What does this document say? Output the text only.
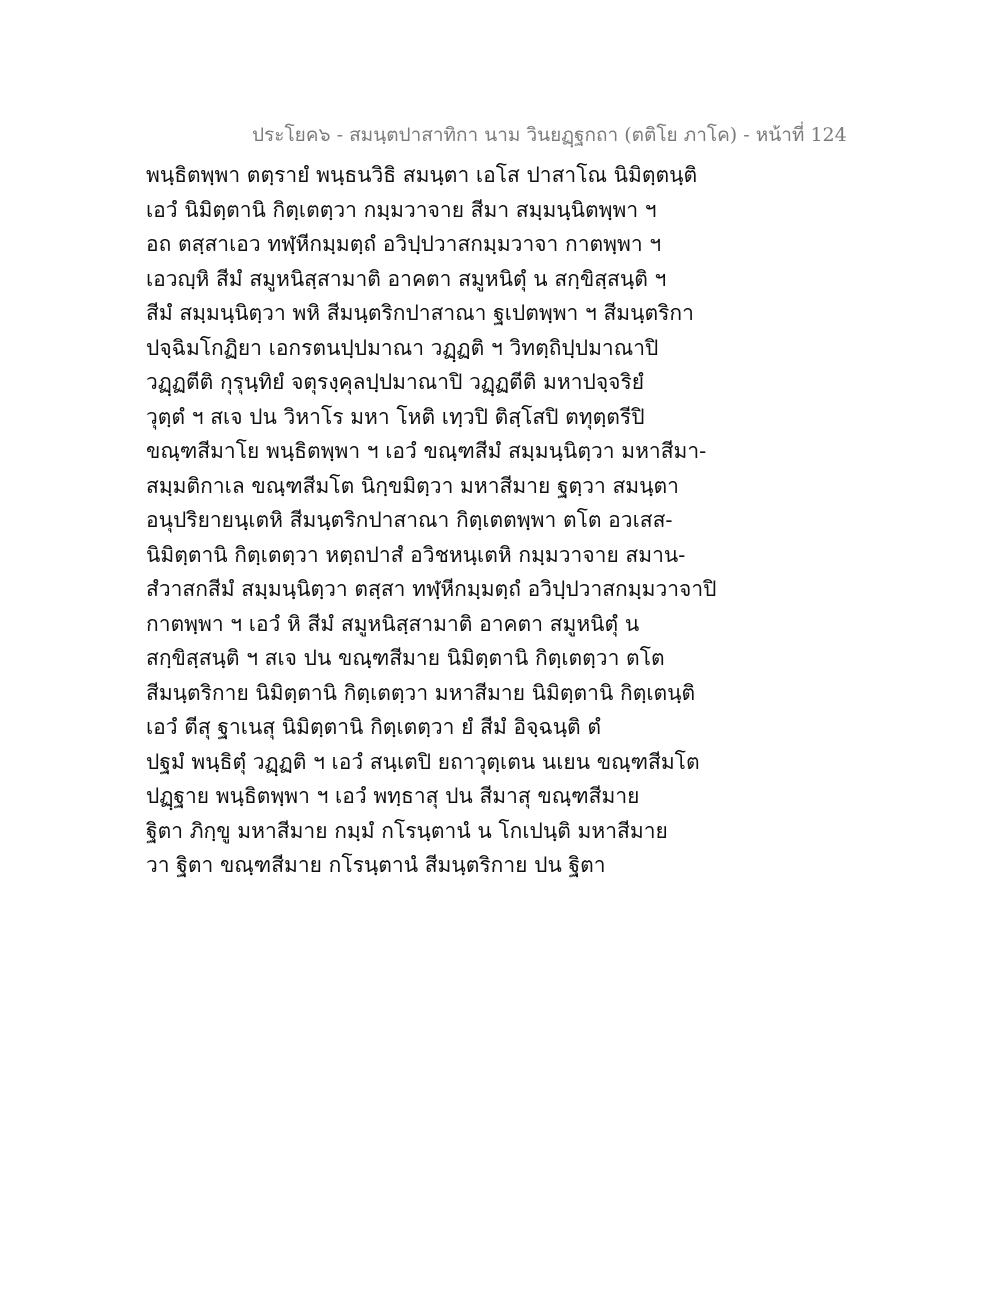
ประโยค๖ - สมนฺตปาสาทิกา นาม วินยฏฺฐกถา (ตติโย ภาโค) - หน้าที่ 124
พนฺธิตพฺพา ตตฺรายํ พนฺธนวิธิ สมนฺตา เอโส ปาสาโณ นิมิตฺตนฺติ
เอวํ นิมิตฺตานิ กิตฺเตตฺวา กมฺมวาจาย สีมา สมฺมนฺนิตพฺพา ฯ
อถ ตสฺสาเอว ทฬฺหีกมฺมตฺถํ อวิปฺปวาสกมฺมวาจา กาตพฺพา ฯ
เอวญฺหิ สีมํ สมูหนิสฺสามาติ อาคตา สมูหนิตุํ น สกฺขิสฺสนฺติ ฯ
สีมํ สมฺมนฺนิตฺวา พหิ สีมนฺตริกปาสาณา ฐเปตพฺพา ฯ สีมนฺตริกา
ปจฺฉิมโกฏิยา เอกรตนปฺปมาณา วฏฺฏติ ฯ วิทตฺถิปฺปมาณาปิ
วฏฺฏตีติ กุรุนฺทิยํ จตุรงฺคุลปฺปมาณาปิ วฏฺฏตีติ มหาปจฺจริยํ
วุตฺตํ ฯ สเจ ปน วิหาโร มหา โหติ เทฺวปิ ติสฺโสปิ ตทุตฺตรีปิ
ขณฺฑสีมาโย พนฺธิตพฺพา ฯ เอวํ ขณฺฑสีมํ สมฺมนฺนิตฺวา มหาสีมา-
สมฺมติกาเล ขณฺฑสีมโต นิกฺขมิตฺวา มหาสีมาย ฐตฺวา สมนฺตา
อนุปริยายนฺเตหิ สีมนฺตริกปาสาณา กิตฺเตตพฺพา ตโต อวเสส-
นิมิตฺตานิ กิตฺเตตฺวา หตฺถปาสํ อวิชหนฺเตหิ กมฺมวาจาย สมาน-
สํวาสกสีมํ สมฺมนฺนิตฺวา ตสฺสา ทฬฺหีกมฺมตฺถํ อวิปฺปวาสกมฺมวาจาปิ
กาตพฺพา ฯ เอวํ หิ สีมํ สมูหนิสฺสามาติ อาคตา สมูหนิตุํ น
สกฺขิสฺสนฺติ ฯ สเจ ปน ขณฺฑสีมาย นิมิตฺตานิ กิตฺเตตฺวา ตโต
สีมนฺตริกาย นิมิตฺตานิ กิตฺเตตฺวา มหาสีมาย นิมิตฺตานิ กิตฺเตนฺติ
เอวํ ตีสุ ฐาเนสุ นิมิตฺตานิ กิตฺเตตฺวา ยํ สีมํ อิจฺฉนฺติ ตํ
ปฐมํ พนฺธิตุํ วฏฺฏติ ฯ เอวํ สนฺเตปิ ยถาวุตฺเตน นเยน ขณฺฑสีมโต
ปฏฺฐาย พนฺธิตพฺพา ฯ เอวํ พทฺธาสุ ปน สีมาสุ ขณฺฑสีมาย
ฐิตา ภิกฺขู มหาสีมาย กมฺมํ กโรนฺตานํ น โกเปนฺติ มหาสีมาย
วา ฐิตา ขณฺฑสีมาย กโรนฺตานํ สีมนฺตริกาย ปน ฐิตา
